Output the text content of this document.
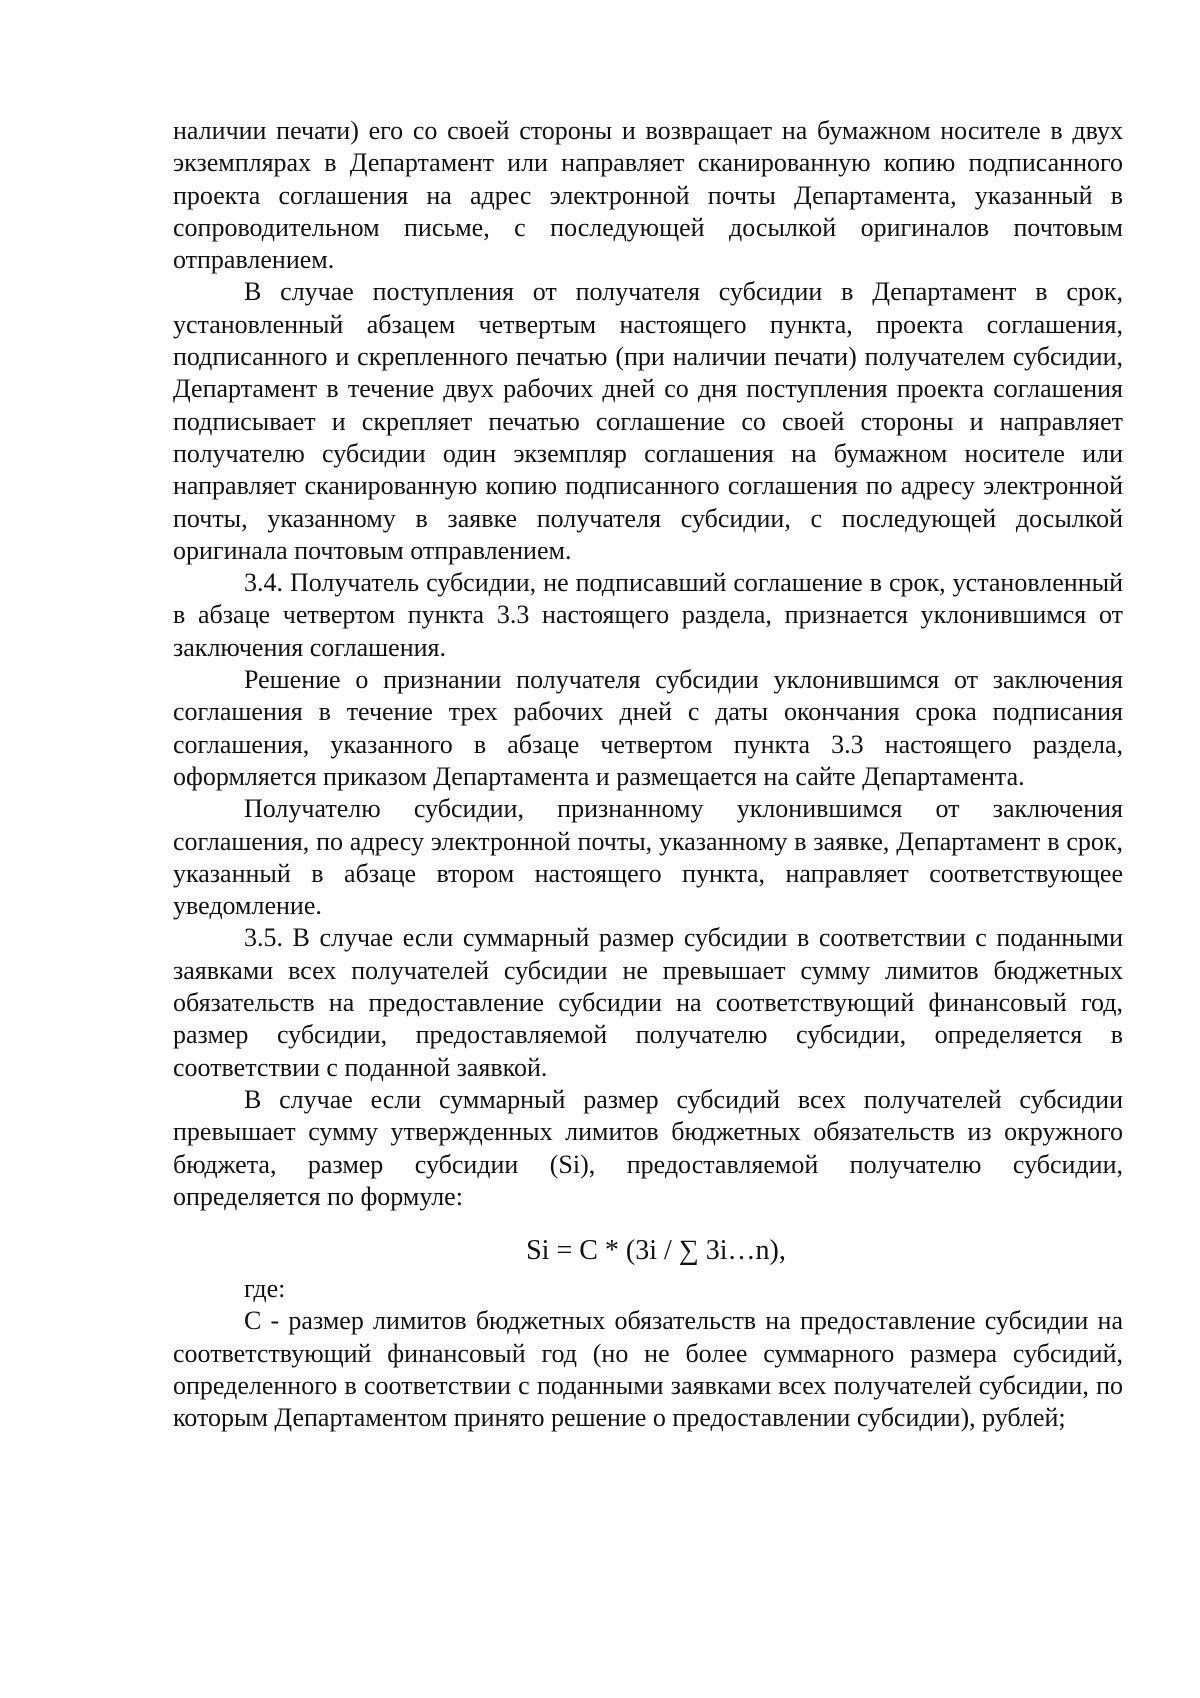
наличии печати) его со своей стороны и возвращает на бумажном носителе в двух экземплярах в Департамент или направляет сканированную копию подписанного проекта соглашения на адрес электронной почты Департамента, указанный в сопроводительном письме, с последующей досылкой оригиналов почтовым отправлением.

В случае поступления от получателя субсидии в Департамент в срок, установленный абзацем четвертым настоящего пункта, проекта соглашения, подписанного и скрепленного печатью (при наличии печати) получателем субсидии, Департамент в течение двух рабочих дней со дня поступления проекта соглашения подписывает и скрепляет печатью соглашение со своей стороны и направляет получателю субсидии один экземпляр соглашения на бумажном носителе или направляет сканированную копию подписанного соглашения по адресу электронной почты, указанному в заявке получателя субсидии, с последующей досылкой оригинала почтовым отправлением.

3.4. Получатель субсидии, не подписавший соглашение в срок, установленный в абзаце четвертом пункта 3.3 настоящего раздела, признается уклонившимся от заключения соглашения.

Решение о признании получателя субсидии уклонившимся от заключения соглашения в течение трех рабочих дней с даты окончания срока подписания соглашения, указанного в абзаце четвертом пункта 3.3 настоящего раздела, оформляется приказом Департамента и размещается на сайте Департамента.

Получателю субсидии, признанному уклонившимся от заключения соглашения, по адресу электронной почты, указанному в заявке, Департамент в срок, указанный в абзаце втором настоящего пункта, направляет соответствующее уведомление.

3.5. В случае если суммарный размер субсидии в соответствии с поданными заявками всех получателей субсидии не превышает сумму лимитов бюджетных обязательств на предоставление субсидии на соответствующий финансовый год, размер субсидии, предоставляемой получателю субсидии, определяется в соответствии с поданной заявкой.

В случае если суммарный размер субсидий всех получателей субсидии превышает сумму утвержденных лимитов бюджетных обязательств из окружного бюджета, размер субсидии (Si), предоставляемой получателю субсидии, определяется по формуле:

Si = C * (3i / ∑ 3i…n),

где:

С - размер лимитов бюджетных обязательств на предоставление субсидии на соответствующий финансовый год (но не более суммарного размера субсидий, определенного в соответствии с поданными заявками всех получателей субсидии, по которым Департаментом принято решение о предоставлении субсидии), рублей;
